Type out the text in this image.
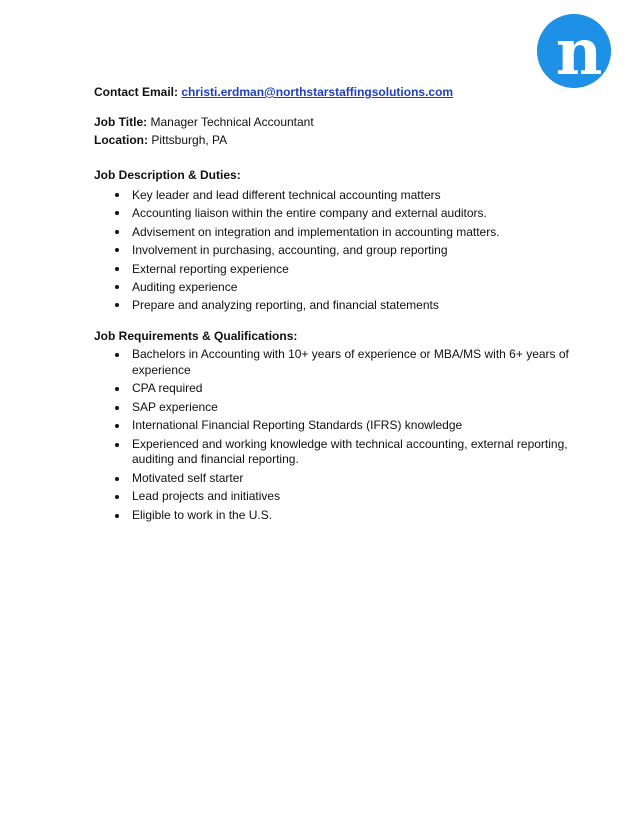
n
Contact Email: christi.erdman@northstarstaffingsolutions.com
Job Title: Manager Technical Accountant
Location: Pittsburgh, PA
Job Description & Duties:
Key leader and lead different technical accounting matters
Accounting liaison within the entire company and external auditors.
Advisement on integration and implementation in accounting matters.
Involvement in purchasing, accounting, and group reporting
External reporting experience
Auditing experience
Prepare and analyzing reporting, and financial statements
Job Requirements & Qualifications:
Bachelors in Accounting with 10+ years of experience or MBA/MS with 6+ years of experience
CPA required
SAP experience
International Financial Reporting Standards (IFRS) knowledge
Experienced and working knowledge with technical accounting, external reporting, auditing and financial reporting.
Motivated self starter
Lead projects and initiatives
Eligible to work in the U.S.
